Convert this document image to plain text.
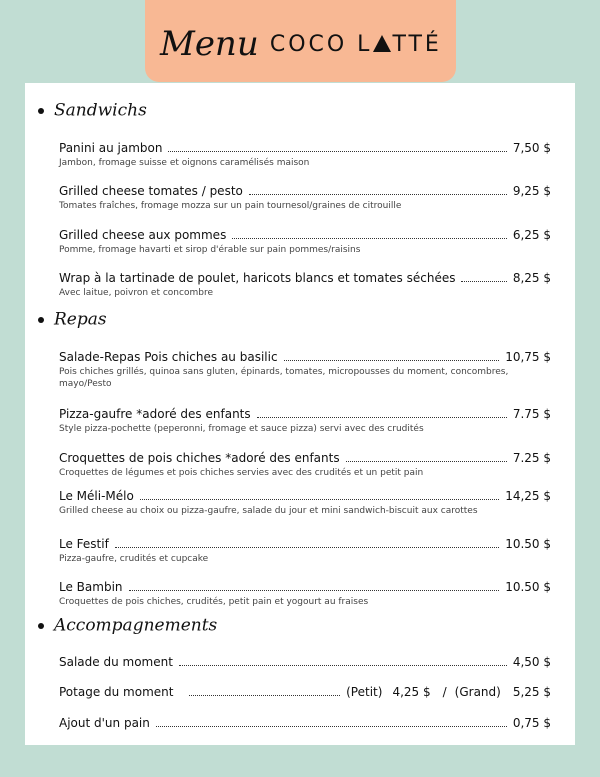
Menu COCO L TTÉ
Sandwichs
Panini au jambon	7,50 $
Jambon, fromage suisse et oignons caramélisés maison
Grilled cheese tomates / pesto	9,25 $
Tomates fraîches, fromage mozza sur un pain tournesol/graines de citrouille
Grilled cheese aux pommes	6,25 $
Pomme, fromage havarti et sirop d'érable sur pain pommes/raisins
Wrap à la tartinade de poulet, haricots blancs et tomates séchées	8,25 $
Avec laitue, poivron et concombre
Repas
Salade-Repas Pois chiches au basilic	10,75 $
Pois chiches grillés, quinoa sans gluten, épinards, tomates, micropousses du moment, concombres, mayo/Pesto
Pizza-gaufre *adoré des enfants	7.75 $
Style pizza-pochette (peperonni, fromage et sauce pizza) servi avec des crudités
Croquettes de pois chiches *adoré des enfants	7.25 $
Croquettes de légumes et pois chiches servies avec des crudités et un petit pain
Le Méli-Mélo	14,25 $
Grilled cheese au choix ou pizza-gaufre, salade du jour et mini sandwich-biscuit aux carottes
Le Festif	10.50 $
Pizza-gaufre, crudités et cupcake
Le Bambin	10.50 $
Croquettes de pois chiches, crudités, petit pain et yogourt au fraises
Accompagnements
Salade du moment	4,50 $
Potage du moment	(Petit) 4,25 $ / (Grand) 5,25 $
Ajout d'un pain	0,75 $
